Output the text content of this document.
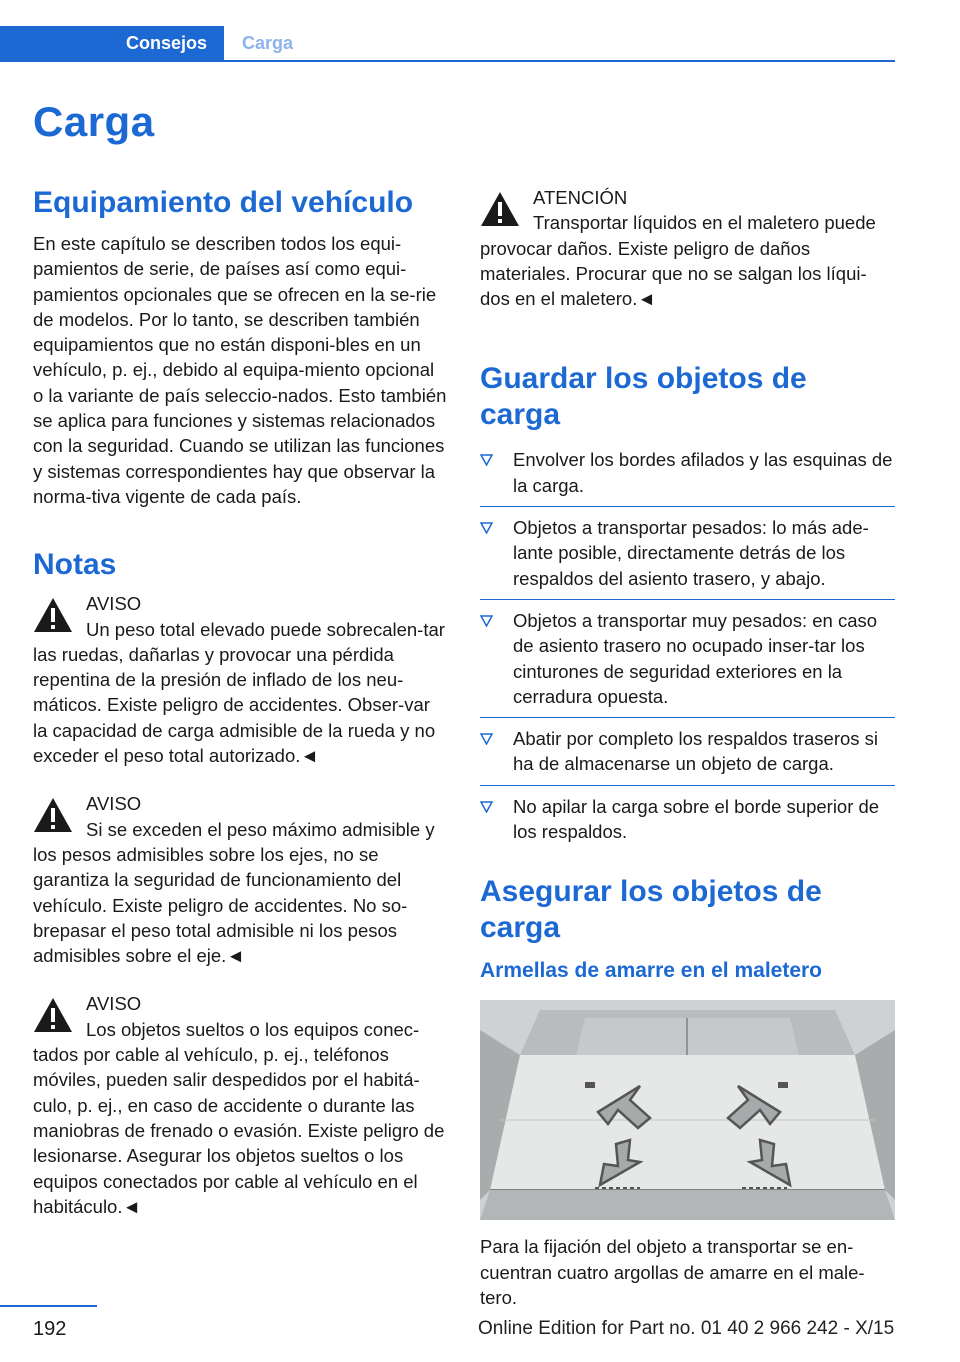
Consejos	Carga
Carga
Equipamiento del vehículo

En este capítulo se describen todos los equi-pamientos de serie, de países así como equi-pamientos opcionales que se ofrecen en la se-rie de modelos. Por lo tanto, se describen también equipamientos que no están disponi-bles en un vehículo, p. ej., debido al equipa-miento opcional o la variante de país seleccio-nados. Esto también se aplica para funciones y sistemas relacionados con la seguridad. Cuando se utilizan las funciones y sistemas correspondientes hay que observar la norma-tiva vigente de cada país.

Notas

AVISO

Un peso total elevado puede sobrecalen-tar las ruedas, dañarlas y provocar una pérdida repentina de la presión de inflado de los neu-máticos. Existe peligro de accidentes. Obser-var la capacidad de carga admisible de la rueda y no exceder el peso total autorizado.◄

AVISO

Si se exceden el peso máximo admisible y los pesos admisibles sobre los ejes, no se garantiza la seguridad de funcionamiento del vehículo. Existe peligro de accidentes. No so-brepasar el peso total admisible ni los pesos admisibles sobre el eje.◄

AVISO

Los objetos sueltos o los equipos conec-tados por cable al vehículo, p. ej., teléfonos móviles, pueden salir despedidos por el habitá-culo, p. ej., en caso de accidente o durante las maniobras de frenado o evasión. Existe peligro de lesionarse. Asegurar los objetos sueltos o los equipos conectados por cable al vehículo en el habitáculo.◄

ATENCIÓN

Transportar líquidos en el maletero puede provocar daños. Existe peligro de daños materiales. Procurar que no se salgan los líqui-dos en el maletero.◄

Guardar los objetos de carga
Envolver los bordes afilados y las esquinas de la carga.
Objetos a transportar pesados: lo más ade-lante posible, directamente detrás de los respaldos del asiento trasero, y abajo.
Objetos a transportar muy pesados: en caso de asiento trasero no ocupado inser-tar los cinturones de seguridad exteriores en la cerradura opuesta.
Abatir por completo los respaldos traseros si ha de almacenarse un objeto de carga.
No apilar la carga sobre el borde superior de los respaldos.
Asegurar los objetos de carga
Armellas de amarre en el maletero

Para la fijación del objeto a transportar se en-cuentran cuatro argollas de amarre en el male-tero.

192	Online Edition for Part no. 01 40 2 966 242 - X/15
